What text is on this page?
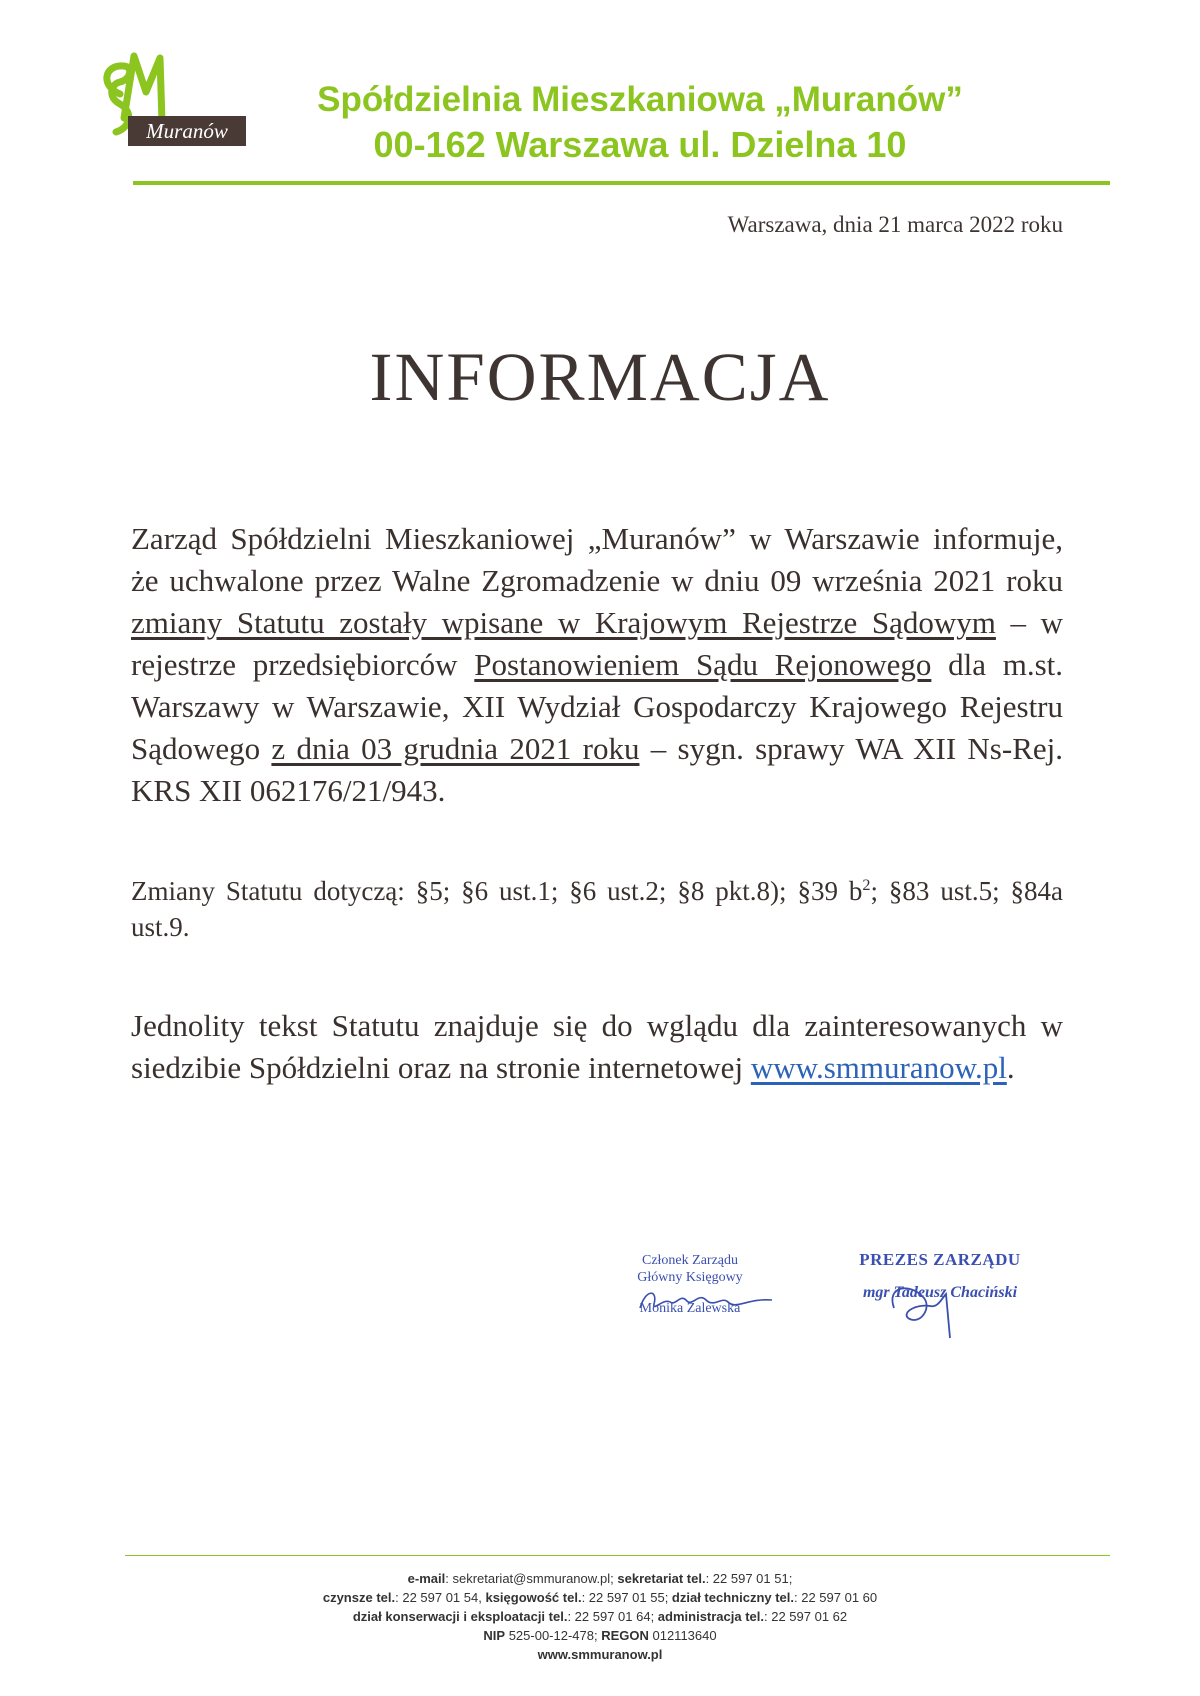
Muranów
Spółdzielnia Mieszkaniowa „Muranów”
00-162 Warszawa ul. Dzielna 10
Warszawa, dnia 21 marca 2022 roku
INFORMACJA
Zarząd Spółdzielni Mieszkaniowej „Muranów” w Warszawie informuje, że uchwalone przez Walne Zgromadzenie w dniu 09 września 2021 roku zmiany Statutu zostały wpisane w Krajowym Rejestrze Sądowym – w rejestrze przedsiębiorców Postanowieniem Sądu Rejonowego dla m.st. Warszawy w Warszawie, XII Wydział Gospodarczy Krajowego Rejestru Sądowego z dnia 03 grudnia 2021 roku – sygn. sprawy WA XII Ns-Rej. KRS XII 062176/21/943.
Zmiany Statutu dotyczą: §5; §6 ust.1; §6 ust.2; §8 pkt.8); §39 $b^2$; §83 ust.5; §84a ust.9.
Jednolity tekst Statutu znajduje się do wglądu dla zainteresowanych w siedzibie Spółdzielni oraz na stronie internetowej www.smmuranow.pl.
Członek Zarządu
Główny Księgowy
Monika Zalewska
PREZES ZARZĄDU
mgr Tadeusz Chaciński
e-mail: sekretariat@smmuranow.pl; sekretariat tel.: 22 597 01 51;
czynsze tel.: 22 597 01 54, księgowość tel.: 22 597 01 55; dział techniczny tel.: 22 597 01 60
dział konserwacji i eksploatacji tel.: 22 597 01 64; administracja tel.: 22 597 01 62
NIP 525-00-12-478; REGON 012113640
www.smmuranow.pl
